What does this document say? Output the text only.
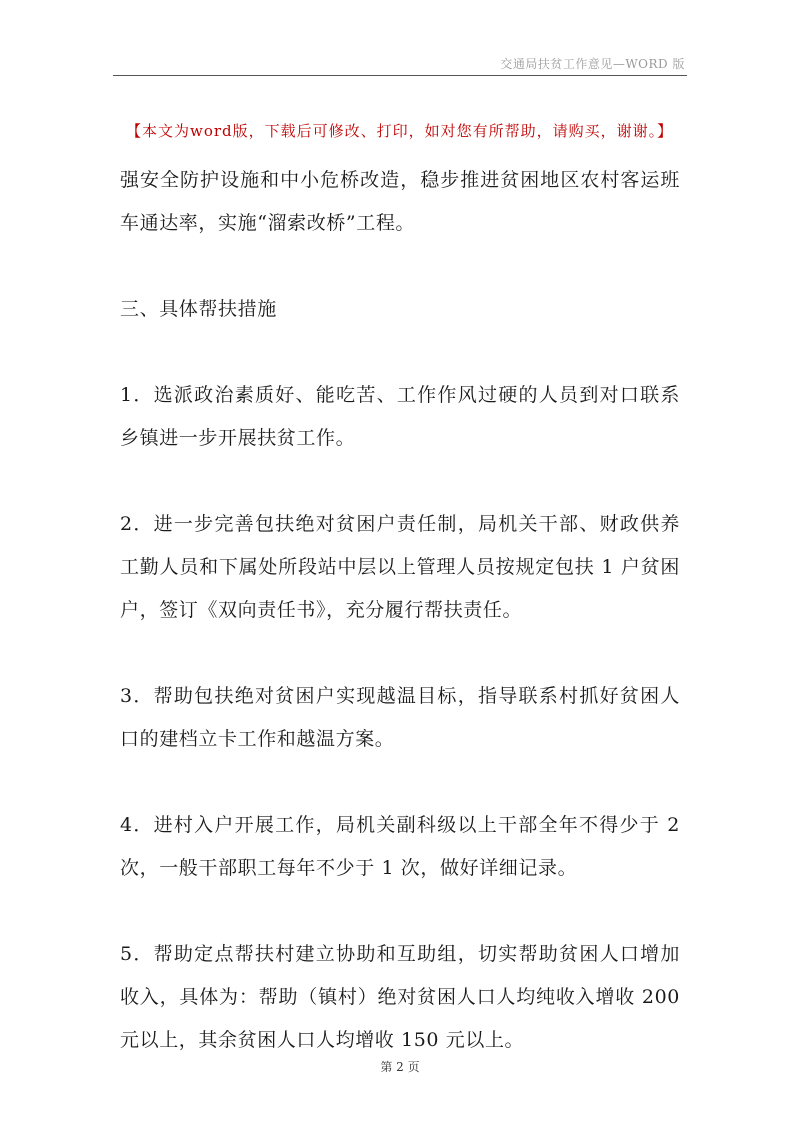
交通局扶贫工作意见—WORD 版
【本文为word版，下载后可修改、打印，如对您有所帮助，请购买，谢谢。】

强安全防护设施和中小危桥改造，稳步推进贫困地区农村客运班车通达率，实施“溜索改桥”工程。

三、具体帮扶措施

1．选派政治素质好、能吃苦、工作作风过硬的人员到对口联系乡镇进一步开展扶贫工作。

2．进一步完善包扶绝对贫困户责任制，局机关干部、财政供养工勤人员和下属处所段站中层以上管理人员按规定包扶 1 户贫困户，签订《双向责任书》，充分履行帮扶责任。

3．帮助包扶绝对贫困户实现越温目标，指导联系村抓好贫困人口的建档立卡工作和越温方案。

4．进村入户开展工作，局机关副科级以上干部全年不得少于 2 次，一般干部职工每年不少于 1 次，做好详细记录。

5．帮助定点帮扶村建立协助和互助组，切实帮助贫困人口增加收入，具体为：帮助（镇村）绝对贫困人口人均纯收入增收 200 元以上，其余贫困人口人均增收 150 元以上。

第 2 页
